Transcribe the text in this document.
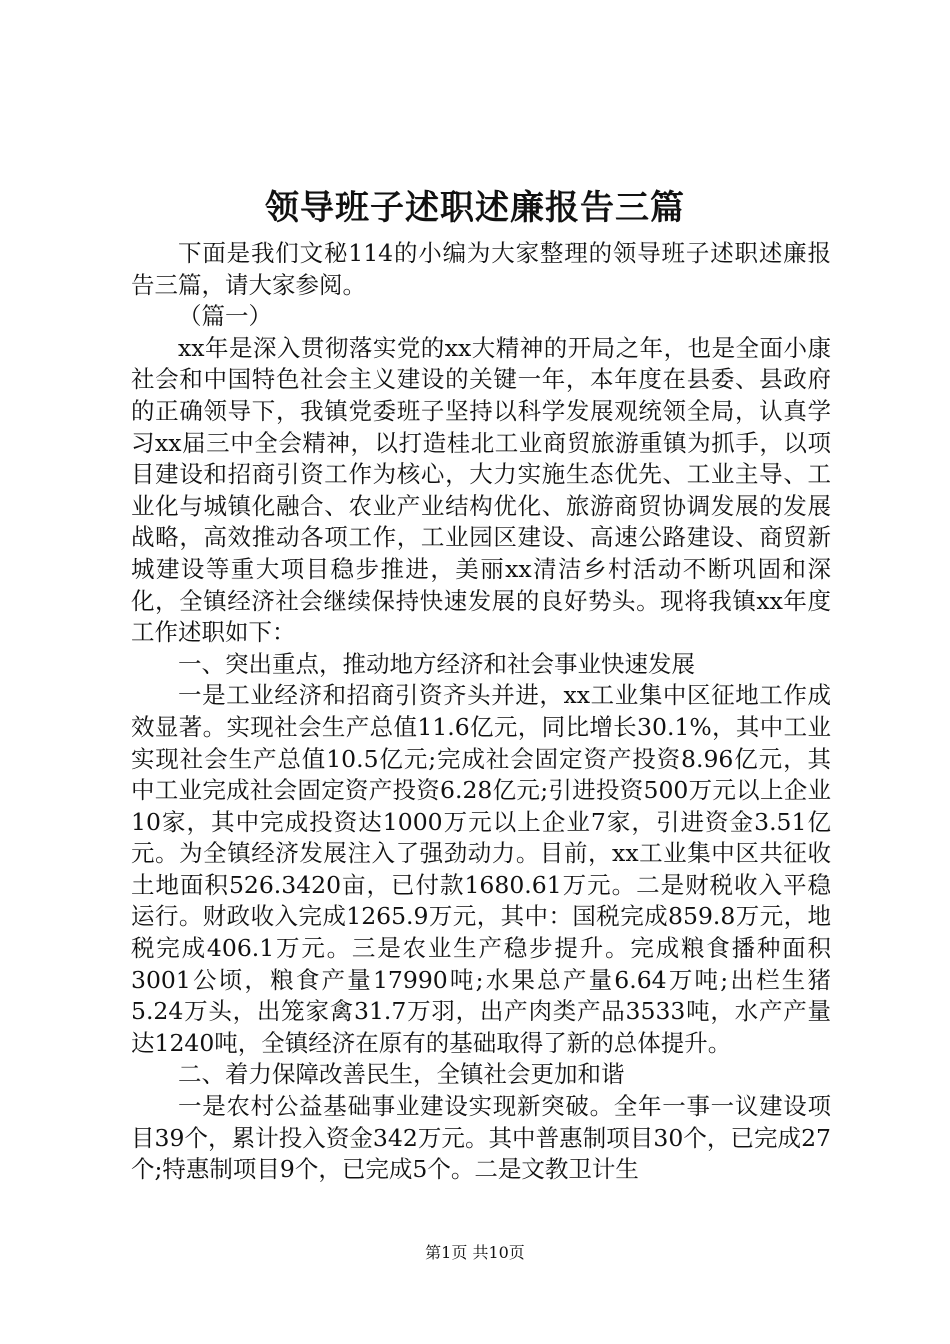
领导班子述职述廉报告三篇

下面是我们文秘114的小编为大家整理的领导班子述职述廉报告三篇，请大家参阅。

（篇一）

xx年是深入贯彻落实党的xx大精神的开局之年，也是全面小康社会和中国特色社会主义建设的关键一年，本年度在县委、县政府的正确领导下，我镇党委班子坚持以科学发展观统领全局，认真学习xx届三中全会精神，以打造桂北工业商贸旅游重镇为抓手，以项目建设和招商引资工作为核心，大力实施生态优先、工业主导、工业化与城镇化融合、农业产业结构优化、旅游商贸协调发展的发展战略，高效推动各项工作，工业园区建设、高速公路建设、商贸新城建设等重大项目稳步推进，美丽xx清洁乡村活动不断巩固和深化，全镇经济社会继续保持快速发展的良好势头。现将我镇xx年度工作述职如下：

一、突出重点，推动地方经济和社会事业快速发展

一是工业经济和招商引资齐头并进，xx工业集中区征地工作成效显著。实现社会生产总值11.6亿元，同比增长30.1%，其中工业实现社会生产总值10.5亿元;完成社会固定资产投资8.96亿元，其中工业完成社会固定资产投资6.28亿元;引进投资500万元以上企业10家，其中完成投资达1000万元以上企业7家，引进资金3.51亿元。为全镇经济发展注入了强劲动力。目前，xx工业集中区共征收土地面积526.3420亩，已付款1680.61万元。二是财税收入平稳运行。财政收入完成1265.9万元，其中：国税完成859.8万元，地税完成406.1万元。三是农业生产稳步提升。完成粮食播种面积3001公顷，粮食产量17990吨;水果总产量6.64万吨;出栏生猪5.24万头，出笼家禽31.7万羽，出产肉类产品3533吨，水产产量达1240吨，全镇经济在原有的基础取得了新的总体提升。

二、着力保障改善民生，全镇社会更加和谐

一是农村公益基础事业建设实现新突破。全年一事一议建设项目39个，累计投入资金342万元。其中普惠制项目30个，已完成27个;特惠制项目9个，已完成5个。二是文教卫计生

第1页 共10页
